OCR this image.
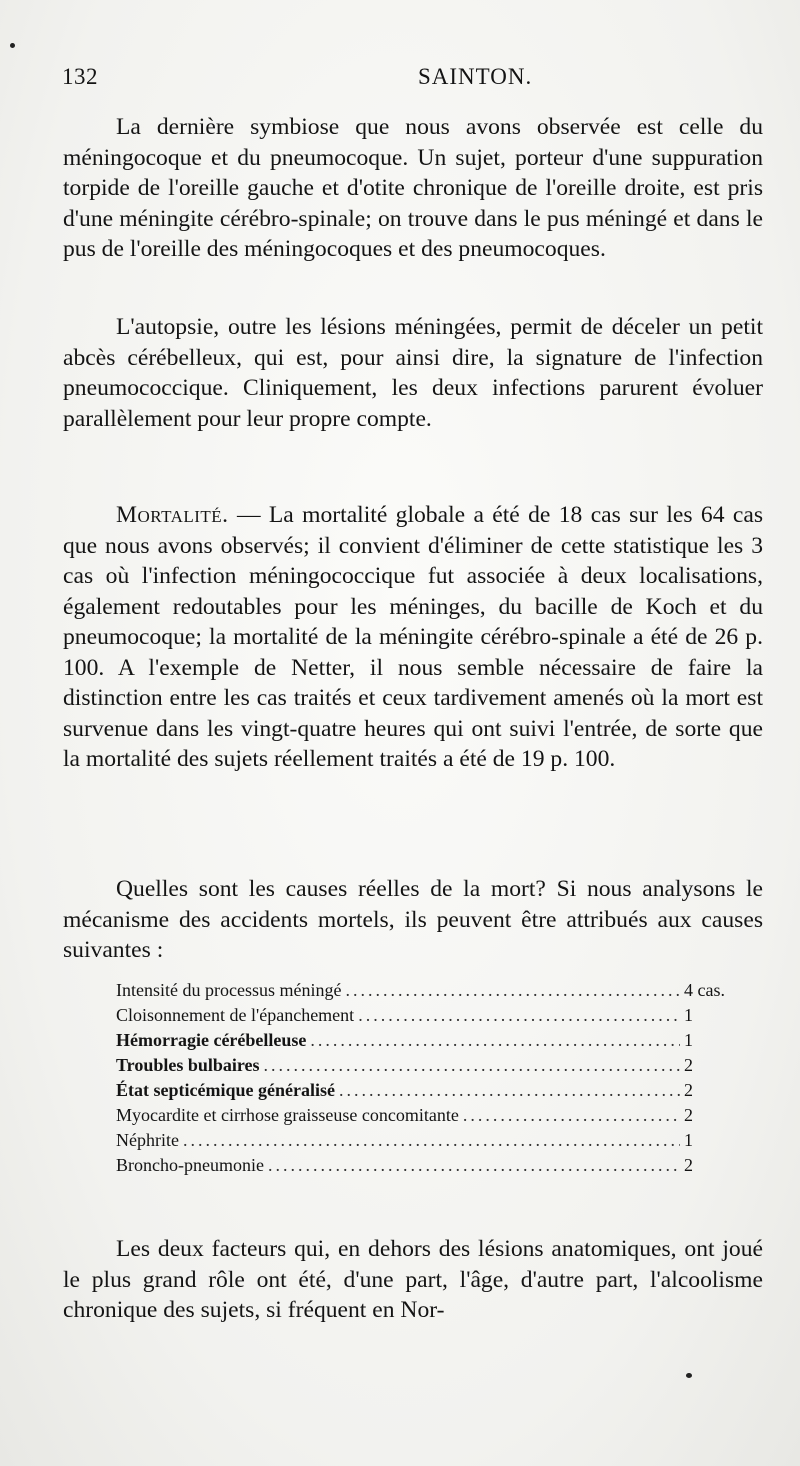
132	SAINTON.

La dernière symbiose que nous avons observée est celle du méningocoque et du pneumocoque. Un sujet, porteur d'une suppuration torpide de l'oreille gauche et d'otite chronique de l'oreille droite, est pris d'une méningite cérébro-spinale; on trouve dans le pus méningé et dans le pus de l'oreille des méningocoques et des pneumocoques.

L'autopsie, outre les lésions méningées, permit de déceler un petit abcès cérébelleux, qui est, pour ainsi dire, la signature de l'infection pneumococcique. Cliniquement, les deux infections parurent évoluer parallèlement pour leur propre compte.

Mortalité. — La mortalité globale a été de 18 cas sur les 64 cas que nous avons observés; il convient d'éliminer de cette statistique les 3 cas où l'infection méningococcique fut associée à deux localisations, également redoutables pour les méninges, du bacille de Koch et du pneumocoque; la mortalité de la méningite cérébro-spinale a été de 26 p. 100. A l'exemple de Netter, il nous semble nécessaire de faire la distinction entre les cas traités et ceux tardivement amenés où la mort est survenue dans les vingt-quatre heures qui ont suivi l'entrée, de sorte que la mortalité des sujets réellement traités a été de 19 p. 100.

Quelles sont les causes réelles de la mort? Si nous analysons le mécanisme des accidents mortels, ils peuvent être attribués aux causes suivantes :

Intensité du processus méningé .....	4 cas.
Cloisonnement de l'épanchement .....	1
Hémorragie cérébelleuse .....	1
Troubles bulbaires .....	2
État septicémique généralisé .....	2
Myocardite et cirrhose graisseuse concomitante .....	2
Néphrite .....	1
Broncho-pneumonie .....	2

Les deux facteurs qui, en dehors des lésions anatomiques, ont joué le plus grand rôle ont été, d'une part, l'âge, d'autre part, l'alcoolisme chronique des sujets, si fréquent en Nor-
